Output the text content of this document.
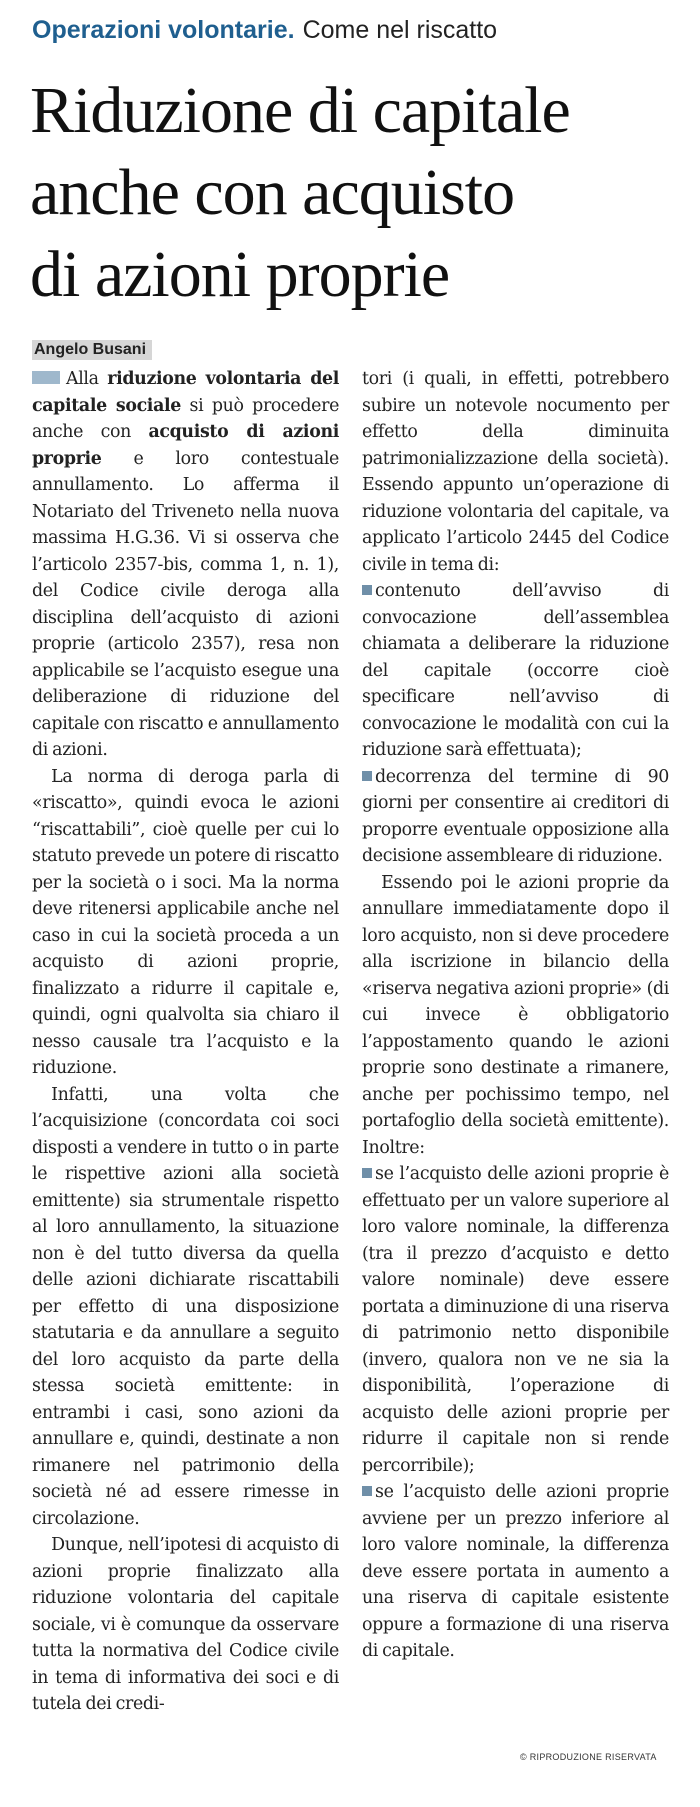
Operazioni volontarie. Come nel riscatto
Riduzione di capitale
anche con acquisto
di azioni proprie
Angelo Busani

Alla riduzione volontaria del capitale sociale si può procedere anche con acquisto di azioni proprie e loro contestuale annullamento. Lo afferma il Notariato del Triveneto nella nuova massima H.G.36. Vi si osserva che l’articolo 2357-bis, comma 1, n. 1), del Codice civile deroga alla disciplina dell’acquisto di azioni proprie (articolo 2357), resa non applicabile se l’acquisto esegue una deliberazione di riduzione del capitale con riscatto e annullamento di azioni.

La norma di deroga parla di «riscatto», quindi evoca le azioni “riscattabili”, cioè quelle per cui lo statuto prevede un potere di riscatto per la società o i soci. Ma la norma deve ritenersi applicabile anche nel caso in cui la società proceda a un acquisto di azioni proprie, finalizzato a ridurre il capitale e, quindi, ogni qualvolta sia chiaro il nesso causale tra l’acquisto e la riduzione.

Infatti, una volta che l’acquisizione (concordata coi soci disposti a vendere in tutto o in parte le rispettive azioni alla società emittente) sia strumentale rispetto al loro annullamento, la situazione non è del tutto diversa da quella delle azioni dichiarate riscattabili per effetto di una disposizione statutaria e da annullare a seguito del loro acquisto da parte della stessa società emittente: in entrambi i casi, sono azioni da annullare e, quindi, destinate a non rimanere nel patrimonio della società né ad essere rimesse in circolazione.

Dunque, nell’ipotesi di acquisto di azioni proprie finalizzato alla riduzione volontaria del capitale sociale, vi è comunque da osservare tutta la normativa del Codice civile in tema di informativa dei soci e di tutela dei credi-

tori (i quali, in effetti, potrebbero subire un notevole nocumento per effetto della diminuita patrimonializzazione della società). Essendo appunto un’operazione di riduzione volontaria del capitale, va applicato l’articolo 2445 del Codice civile in tema di:

contenuto dell’avviso di convocazione dell’assemblea chiamata a deliberare la riduzione del capitale (occorre cioè specificare nell’avviso di convocazione le modalità con cui la riduzione sarà effettuata);

decorrenza del termine di 90 giorni per consentire ai creditori di proporre eventuale opposizione alla decisione assembleare di riduzione.

Essendo poi le azioni proprie da annullare immediatamente dopo il loro acquisto, non si deve procedere alla iscrizione in bilancio della «riserva negativa azioni proprie» (di cui invece è obbligatorio l’appostamento quando le azioni proprie sono destinate a rimanere, anche per pochissimo tempo, nel portafoglio della società emittente). Inoltre:

se l’acquisto delle azioni proprie è effettuato per un valore superiore al loro valore nominale, la differenza (tra il prezzo d’acquisto e detto valore nominale) deve essere portata a diminuzione di una riserva di patrimonio netto disponibile (invero, qualora non ve ne sia la disponibilità, l’operazione di acquisto delle azioni proprie per ridurre il capitale non si rende percorribile);

se l’acquisto delle azioni proprie avviene per un prezzo inferiore al loro valore nominale, la differenza deve essere portata in aumento a una riserva di capitale esistente oppure a formazione di una riserva di capitale.

© RIPRODUZIONE RISERVATA
